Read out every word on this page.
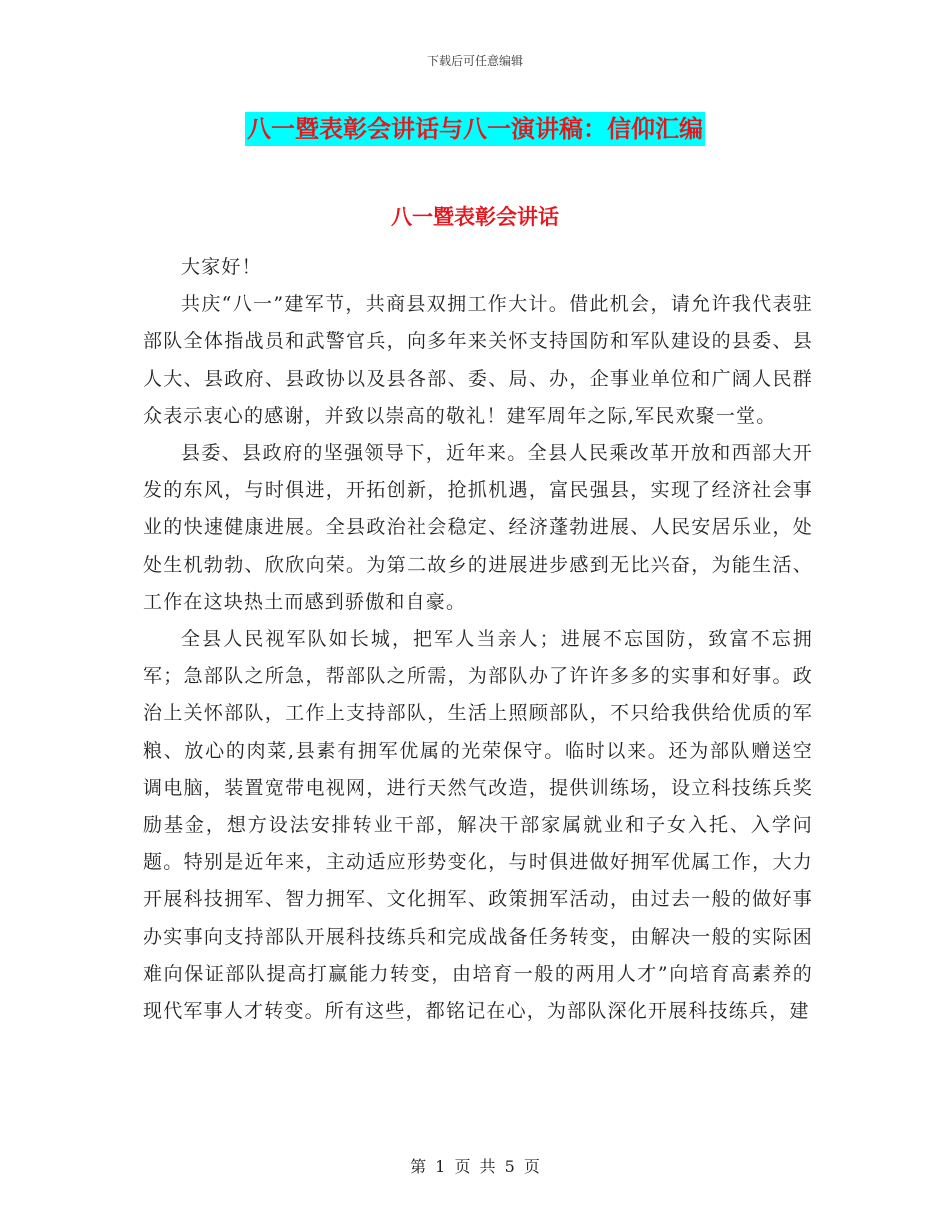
下载后可任意编辑
八一暨表彰会讲话与八一演讲稿：信仰汇编
八一暨表彰会讲话

大家好！

共庆“八一”建军节，共商县双拥工作大计。借此机会，请允许我代表驻部队全体指战员和武警官兵，向多年来关怀支持国防和军队建设的县委、县人大、县政府、县政协以及县各部、委、局、办，企事业单位和广阔人民群众表示衷心的感谢，并致以崇高的敬礼！建军周年之际,军民欢聚一堂。

县委、县政府的坚强领导下，近年来。全县人民乘改革开放和西部大开发的东风，与时俱进，开拓创新，抢抓机遇，富民强县，实现了经济社会事业的快速健康进展。全县政治社会稳定、经济蓬勃进展、人民安居乐业，处处生机勃勃、欣欣向荣。为第二故乡的进展进步感到无比兴奋，为能生活、工作在这块热土而感到骄傲和自豪。

全县人民视军队如长城，把军人当亲人；进展不忘国防，致富不忘拥军；急部队之所急，帮部队之所需，为部队办了许许多多的实事和好事。政治上关怀部队，工作上支持部队，生活上照顾部队，不只给我供给优质的军粮、放心的肉菜,县素有拥军优属的光荣保守。临时以来。还为部队赠送空调电脑，装置宽带电视网，进行天然气改造，提供训练场，设立科技练兵奖励基金，想方设法安排转业干部，解决干部家属就业和子女入托、入学问题。特别是近年来，主动适应形势变化，与时俱进做好拥军优属工作，大力开展科技拥军、智力拥军、文化拥军、政策拥军活动，由过去一般的做好事办实事向支持部队开展科技练兵和完成战备任务转变，由解决一般的实际困难向保证部队提高打赢能力转变，由培育一般的两用人才”向培育高素养的现代军事人才转变。所有这些，都铭记在心，为部队深化开展科技练兵，建

第 1 页 共 5 页
